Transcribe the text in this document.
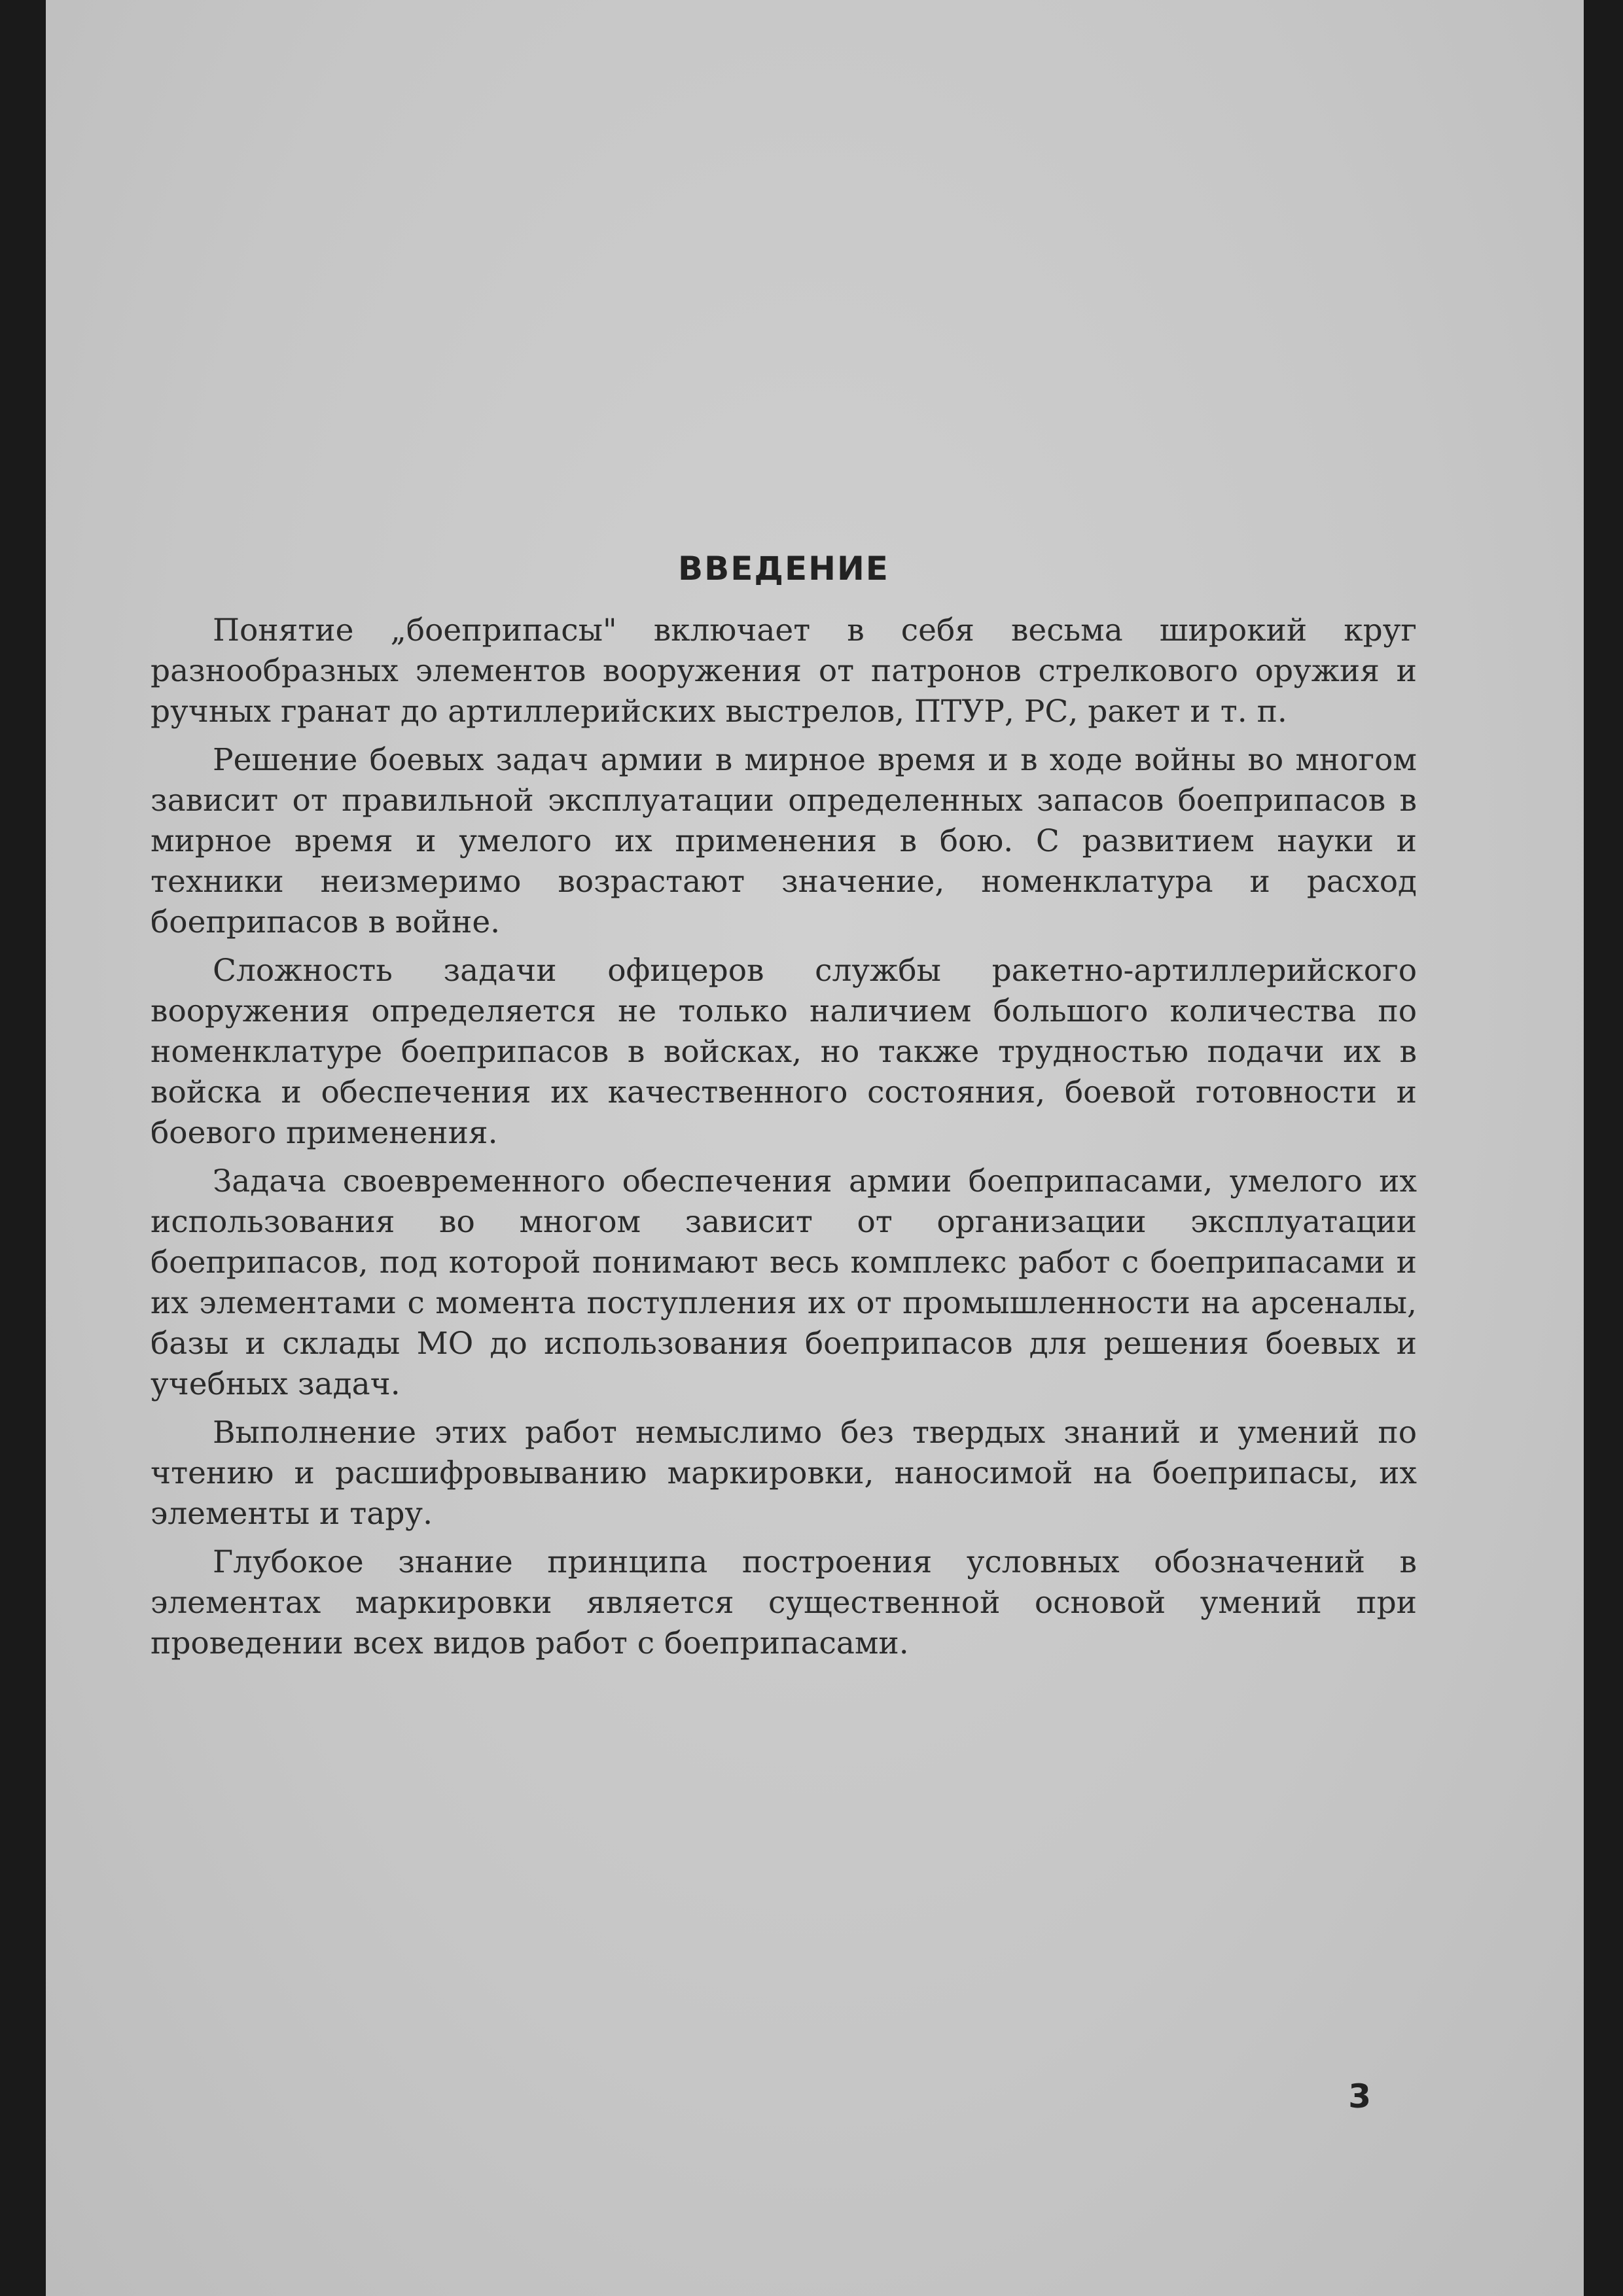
ВВЕДЕНИЕ

Понятие „боеприпасы" включает в себя весьма широкий круг разнообразных элементов вооружения от патронов стрелкового оружия и ручных гранат до артиллерийских выстрелов, ПТУР, РС, ракет и т. п.

Решение боевых задач армии в мирное время и в ходе войны во многом зависит от правильной эксплуатации определенных запасов боеприпасов в мирное время и умелого их применения в бою. С развитием науки и техники неизмеримо возрастают значение, номенклатура и расход боеприпасов в войне.

Сложность задачи офицеров службы ракетно-артиллерийского вооружения определяется не только наличием большого количества по номенклатуре боеприпасов в войсках, но также трудностью подачи их в войска и обеспечения их качественного состояния, боевой готовности и боевого применения.

Задача своевременного обеспечения армии боеприпасами, умелого их использования во многом зависит от организации эксплуатации боеприпасов, под которой понимают весь комплекс работ с боеприпасами и их элементами с момента поступления их от промышленности на арсеналы, базы и склады МО до использования боеприпасов для решения боевых и учебных задач.

Выполнение этих работ немыслимо без твердых знаний и умений по чтению и расшифровыванию маркировки, наносимой на боеприпасы, их элементы и тару.

Глубокое знание принципа построения условных обозначений в элементах маркировки является существенной основой умений при проведении всех видов работ с боеприпасами.

3
